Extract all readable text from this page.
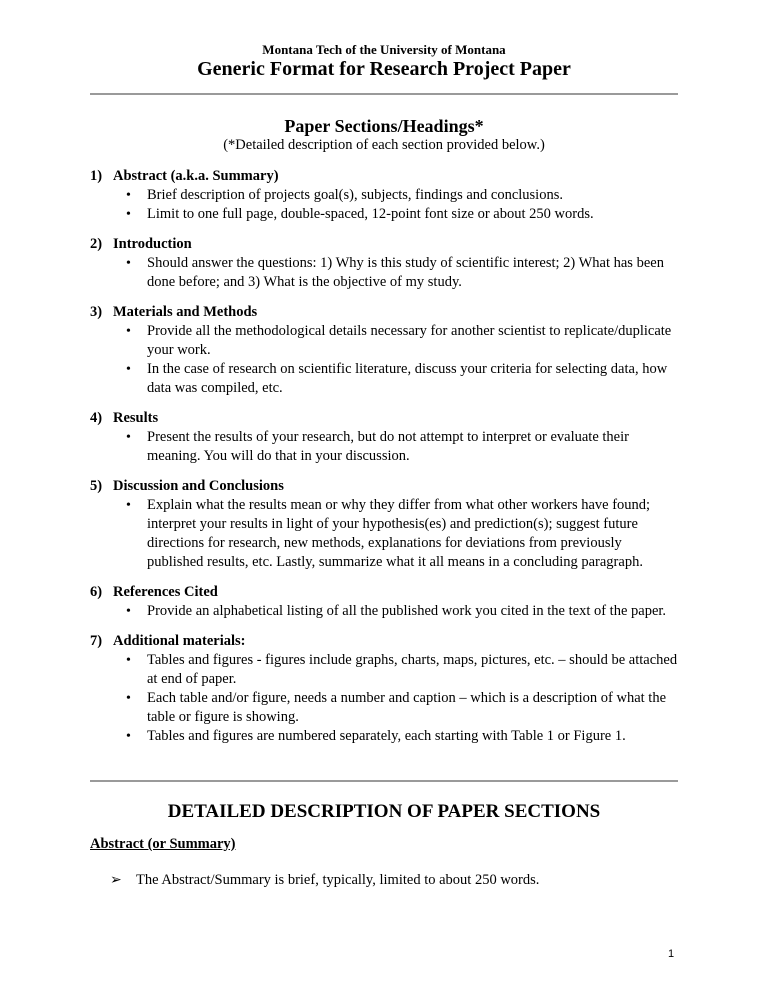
Montana Tech of the University of Montana
Generic Format for Research Project Paper
Paper Sections/Headings*
(*Detailed description of each section provided below.)
1) Abstract (a.k.a. Summary)
• Brief description of projects goal(s), subjects, findings and conclusions.
• Limit to one full page, double-spaced, 12-point font size or about 250 words.
2) Introduction
• Should answer the questions: 1) Why is this study of scientific interest; 2) What has been done before; and 3) What is the objective of my study.
3) Materials and Methods
• Provide all the methodological details necessary for another scientist to replicate/duplicate your work.
• In the case of research on scientific literature, discuss your criteria for selecting data, how data was compiled, etc.
4) Results
• Present the results of your research, but do not attempt to interpret or evaluate their meaning. You will do that in your discussion.
5) Discussion and Conclusions
• Explain what the results mean or why they differ from what other workers have found; interpret your results in light of your hypothesis(es) and prediction(s); suggest future directions for research, new methods, explanations for deviations from previously published results, etc. Lastly, summarize what it all means in a concluding paragraph.
6) References Cited
• Provide an alphabetical listing of all the published work you cited in the text of the paper.
7) Additional materials:
• Tables and figures - figures include graphs, charts, maps, pictures, etc. – should be attached at end of paper.
• Each table and/or figure, needs a number and caption – which is a description of what the table or figure is showing.
• Tables and figures are numbered separately, each starting with Table 1 or Figure 1.
DETAILED DESCRIPTION OF PAPER SECTIONS
Abstract (or Summary)
➢ The Abstract/Summary is brief, typically, limited to about 250 words.
1
